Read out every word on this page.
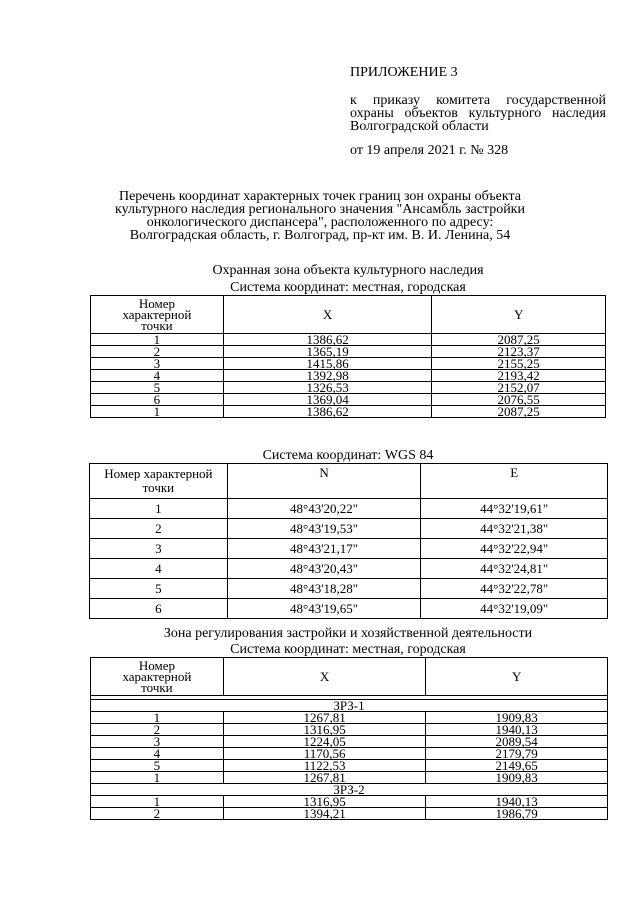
ПРИЛОЖЕНИЕ 3
к приказу комитета государственной охраны объектов культурного наследия Волгоградской области
от 19 апреля 2021 г. № 328
Перечень координат характерных точек границ зон охраны объекта
культурного наследия регионального значения "Ансамбль застройки
онкологического диспансера", расположенного по адресу:
Волгоградская область, г. Волгоград, пр-кт им. В. И. Ленина, 54
Охранная зона объекта культурного наследия
Система координат: местная, городская
Номер
характерной
точки	X	Y
1	1386,62	2087,25
2	1365,19	2123,37
3	1415,86	2155,25
4	1392,98	2193,42
5	1326,53	2152,07
6	1369,04	2076,55
1	1386,62	2087,25
Система координат: WGS 84
Номер характерной
точки	N	E
1	48°43'20,22"	44°32'19,61"
2	48°43'19,53"	44°32'21,38"
3	48°43'21,17"	44°32'22,94"
4	48°43'20,43"	44°32'24,81"
5	48°43'18,28"	44°32'22,78"
6	48°43'19,65"	44°32'19,09"
Зона регулирования застройки и хозяйственной деятельности
Система координат: местная, городская
Номер
характерной
точки	X	Y

ЗРЗ-1		
1	1267,81	1909,83
2	1316,95	1940,13
3	1224,05	2089,54
4	1170,56	2179,79
5	1122,53	2149,65
1	1267,81	1909,83
ЗРЗ-2		
1	1316,95	1940,13
2	1394,21	1986,79
